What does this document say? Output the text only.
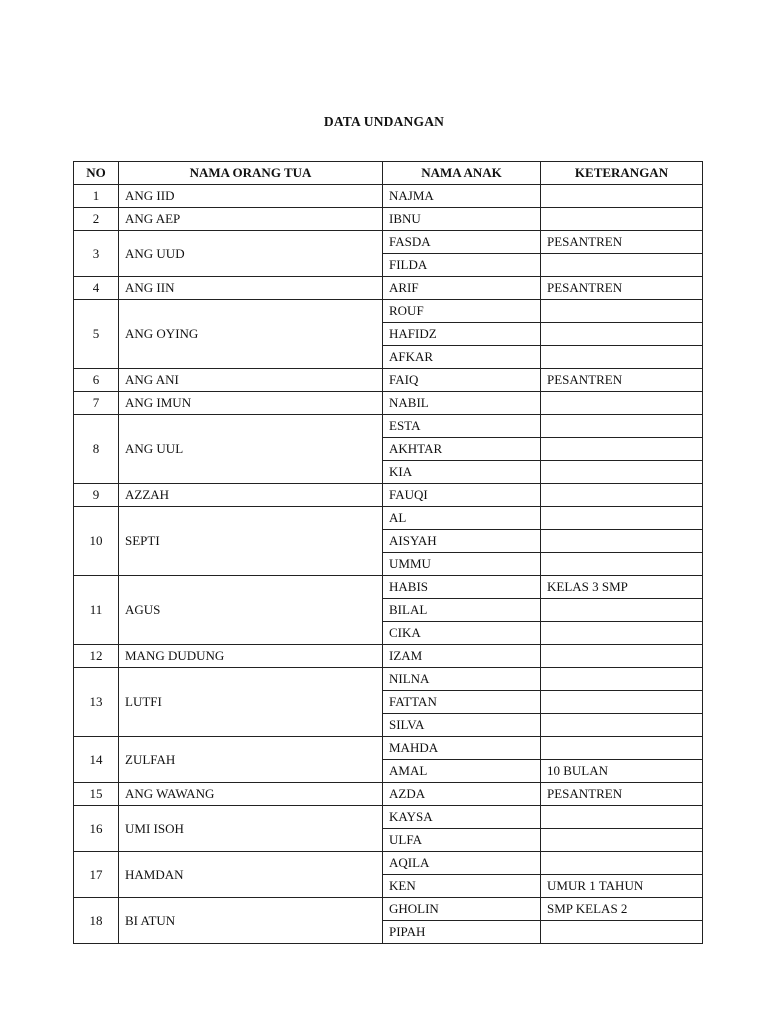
DATA UNDANGAN
NO	NAMA ORANG TUA	NAMA ANAK	KETERANGAN
1	ANG IID	NAJMA	
2	ANG AEP	IBNU	
3	ANG UUD	FASDA	PESANTREN
		FILDA	
4	ANG IIN	ARIF	PESANTREN
5	ANG OYING	ROUF	
		HAFIDZ	
		AFKAR	
6	ANG ANI	FAIQ	PESANTREN
7	ANG IMUN	NABIL	
8	ANG UUL	ESTA	
		AKHTAR	
		KIA	
9	AZZAH	FAUQI	
10	SEPTI	AL	
		AISYAH	
		UMMU	
11	AGUS	HABIS	KELAS 3 SMP
		BILAL	
		CIKA	
12	MANG DUDUNG	IZAM	
13	LUTFI	NILNA	
		FATTAN	
		SILVA	
14	ZULFAH	MAHDA	
		AMAL	10 BULAN
15	ANG WAWANG	AZDA	PESANTREN
16	UMI ISOH	KAYSA	
		ULFA	
17	HAMDAN	AQILA	
		KEN	UMUR 1 TAHUN
18	BI ATUN	GHOLIN	SMP KELAS 2
		PIPAH	
